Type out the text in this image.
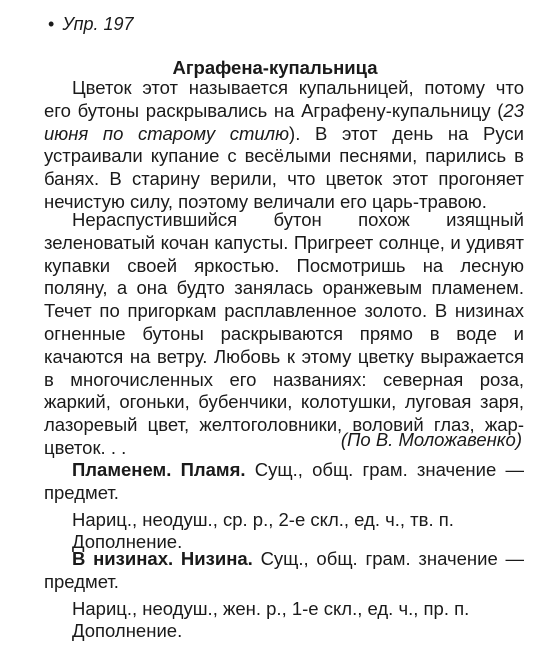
• Упр. 197
Аграфена-купальница
Цветок этот называется купальницей, потому что его бутоны раскрывались на Аграфену-купальницу (23 июня по старому стилю). В этот день на Руси устраивали купание с весёлыми песнями, парились в банях. В старину верили, что цветок этот прогоняет нечистую силу, поэтому величали его царь-травою.
Нераспустившийся бутон похож изящный зеленоватый кочан капусты. Пригреет солнце, и удивят купавки своей яркостью. Посмотришь на лесную поляну, а она будто занялась оранжевым пламенем. Течет по пригоркам расплавленное золото. В низинах огненные бутоны раскрываются прямо в воде и качаются на ветру. Любовь к этому цветку выражается в многочисленных его названиях: северная роза, жаркий, огоньки, бубенчики, колотушки, луговая заря, лазоревый цвет, желтоголовники, воловий глаз, жар-цветок. . .	(По В. Моложавенко)
Пламенем. Пламя. Сущ., общ. грам. значение — предмет.
Нариц., неодуш., ср. р., 2-е скл., ед. ч., тв. п.
Дополнение.
В низинах. Низина. Сущ., общ. грам. значение — предмет.
Нариц., неодуш., жен. р., 1-е скл., ед. ч., пр. п.
Дополнение.
